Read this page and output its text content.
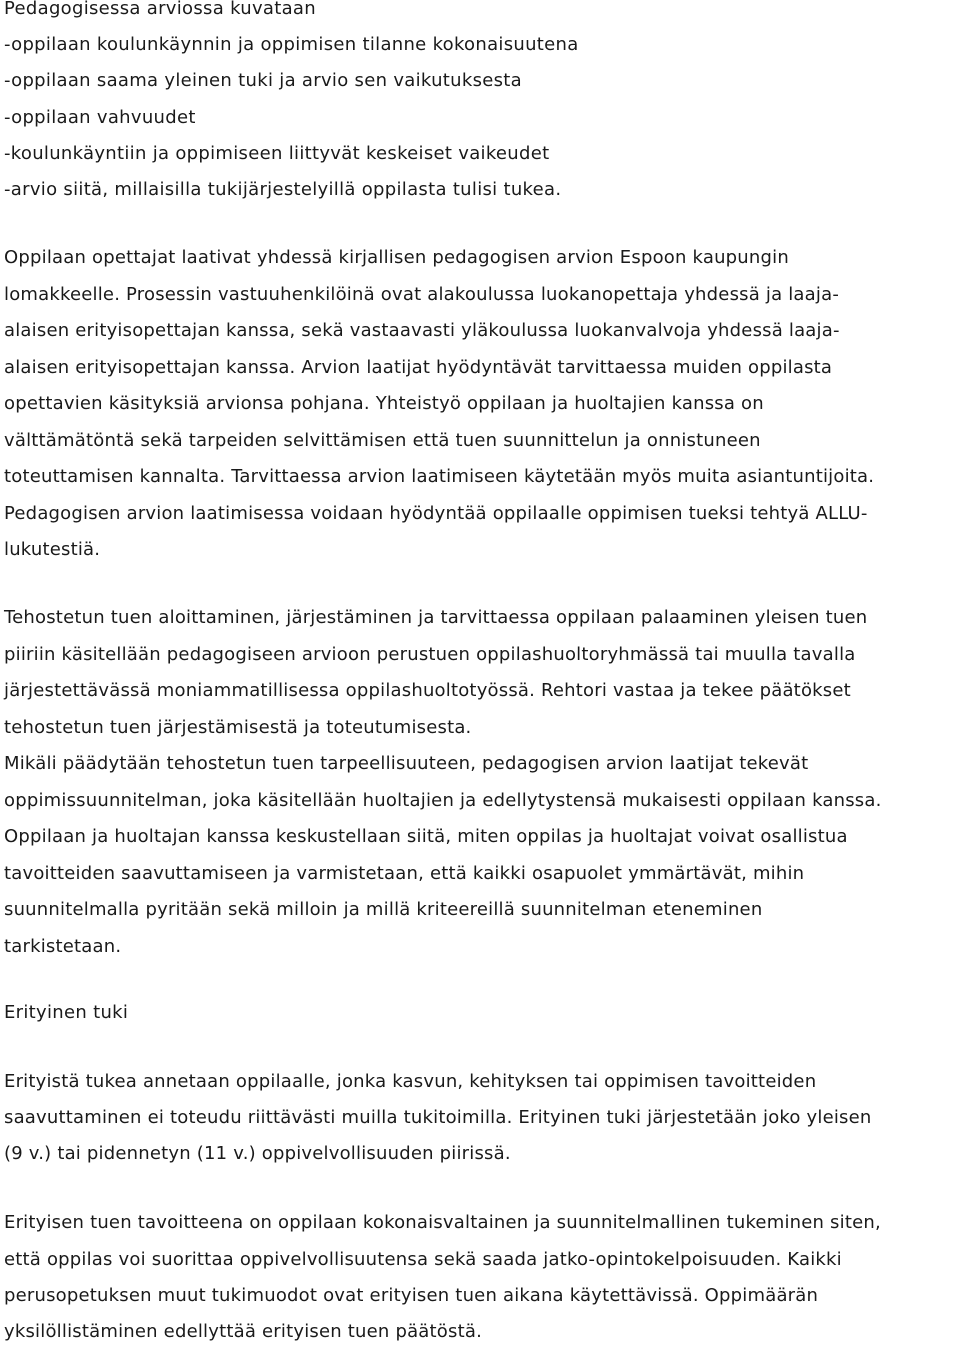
Pedagogisessa arviossa kuvataan
-oppilaan koulunkäynnin ja oppimisen tilanne kokonaisuutena
-oppilaan saama yleinen tuki ja arvio sen vaikutuksesta
-oppilaan vahvuudet
-koulunkäyntiin ja oppimiseen liittyvät keskeiset vaikeudet
-arvio siitä, millaisilla tukijärjestelyillä oppilasta tulisi tukea.
Oppilaan opettajat laativat yhdessä kirjallisen pedagogisen arvion Espoon kaupungin
lomakkeelle. Prosessin vastuuhenkilöinä ovat alakoulussa luokanopettaja yhdessä ja laaja-
alaisen erityisopettajan kanssa, sekä vastaavasti yläkoulussa luokanvalvoja yhdessä laaja-
alaisen erityisopettajan kanssa. Arvion laatijat hyödyntävät tarvittaessa muiden oppilasta
opettavien käsityksiä arvionsa pohjana. Yhteistyö oppilaan ja huoltajien kanssa on
välttämätöntä sekä tarpeiden selvittämisen että tuen suunnittelun ja onnistuneen
toteuttamisen kannalta. Tarvittaessa arvion laatimiseen käytetään myös muita asiantuntijoita.
Pedagogisen arvion laatimisessa voidaan hyödyntää oppilaalle oppimisen tueksi tehtyä ALLU-
lukutestiä.
Tehostetun tuen aloittaminen, järjestäminen ja tarvittaessa oppilaan palaaminen yleisen tuen
piiriin käsitellään pedagogiseen arvioon perustuen oppilashuoltoryhmässä tai muulla tavalla
järjestettävässä moniammatillisessa oppilashuoltotyössä. Rehtori vastaa ja tekee päätökset
tehostetun tuen järjestämisestä ja toteutumisesta.
Mikäli päädytään tehostetun tuen tarpeellisuuteen, pedagogisen arvion laatijat tekevät
oppimissuunnitelman, joka käsitellään huoltajien ja edellytystensä mukaisesti oppilaan kanssa.
Oppilaan ja huoltajan kanssa keskustellaan siitä, miten oppilas ja huoltajat voivat osallistua
tavoitteiden saavuttamiseen ja varmistetaan, että kaikki osapuolet ymmärtävät, mihin
suunnitelmalla pyritään sekä milloin ja millä kriteereillä suunnitelman eteneminen
tarkistetaan.
Erityinen tuki
Erityistä tukea annetaan oppilaalle, jonka kasvun, kehityksen tai oppimisen tavoitteiden
saavuttaminen ei toteudu riittävästi muilla tukitoimilla. Erityinen tuki järjestetään joko yleisen
(9 v.) tai pidennetyn (11 v.) oppivelvollisuuden piirissä.
Erityisen tuen tavoitteena on oppilaan kokonaisvaltainen ja suunnitelmallinen tukeminen siten,
että oppilas voi suorittaa oppivelvollisuutensa sekä saada jatko-opintokelpoisuuden. Kaikki
perusopetuksen muut tukimuodot ovat erityisen tuen aikana käytettävissä. Oppimäärän
yksilöllistäminen edellyttää erityisen tuen päätöstä.
